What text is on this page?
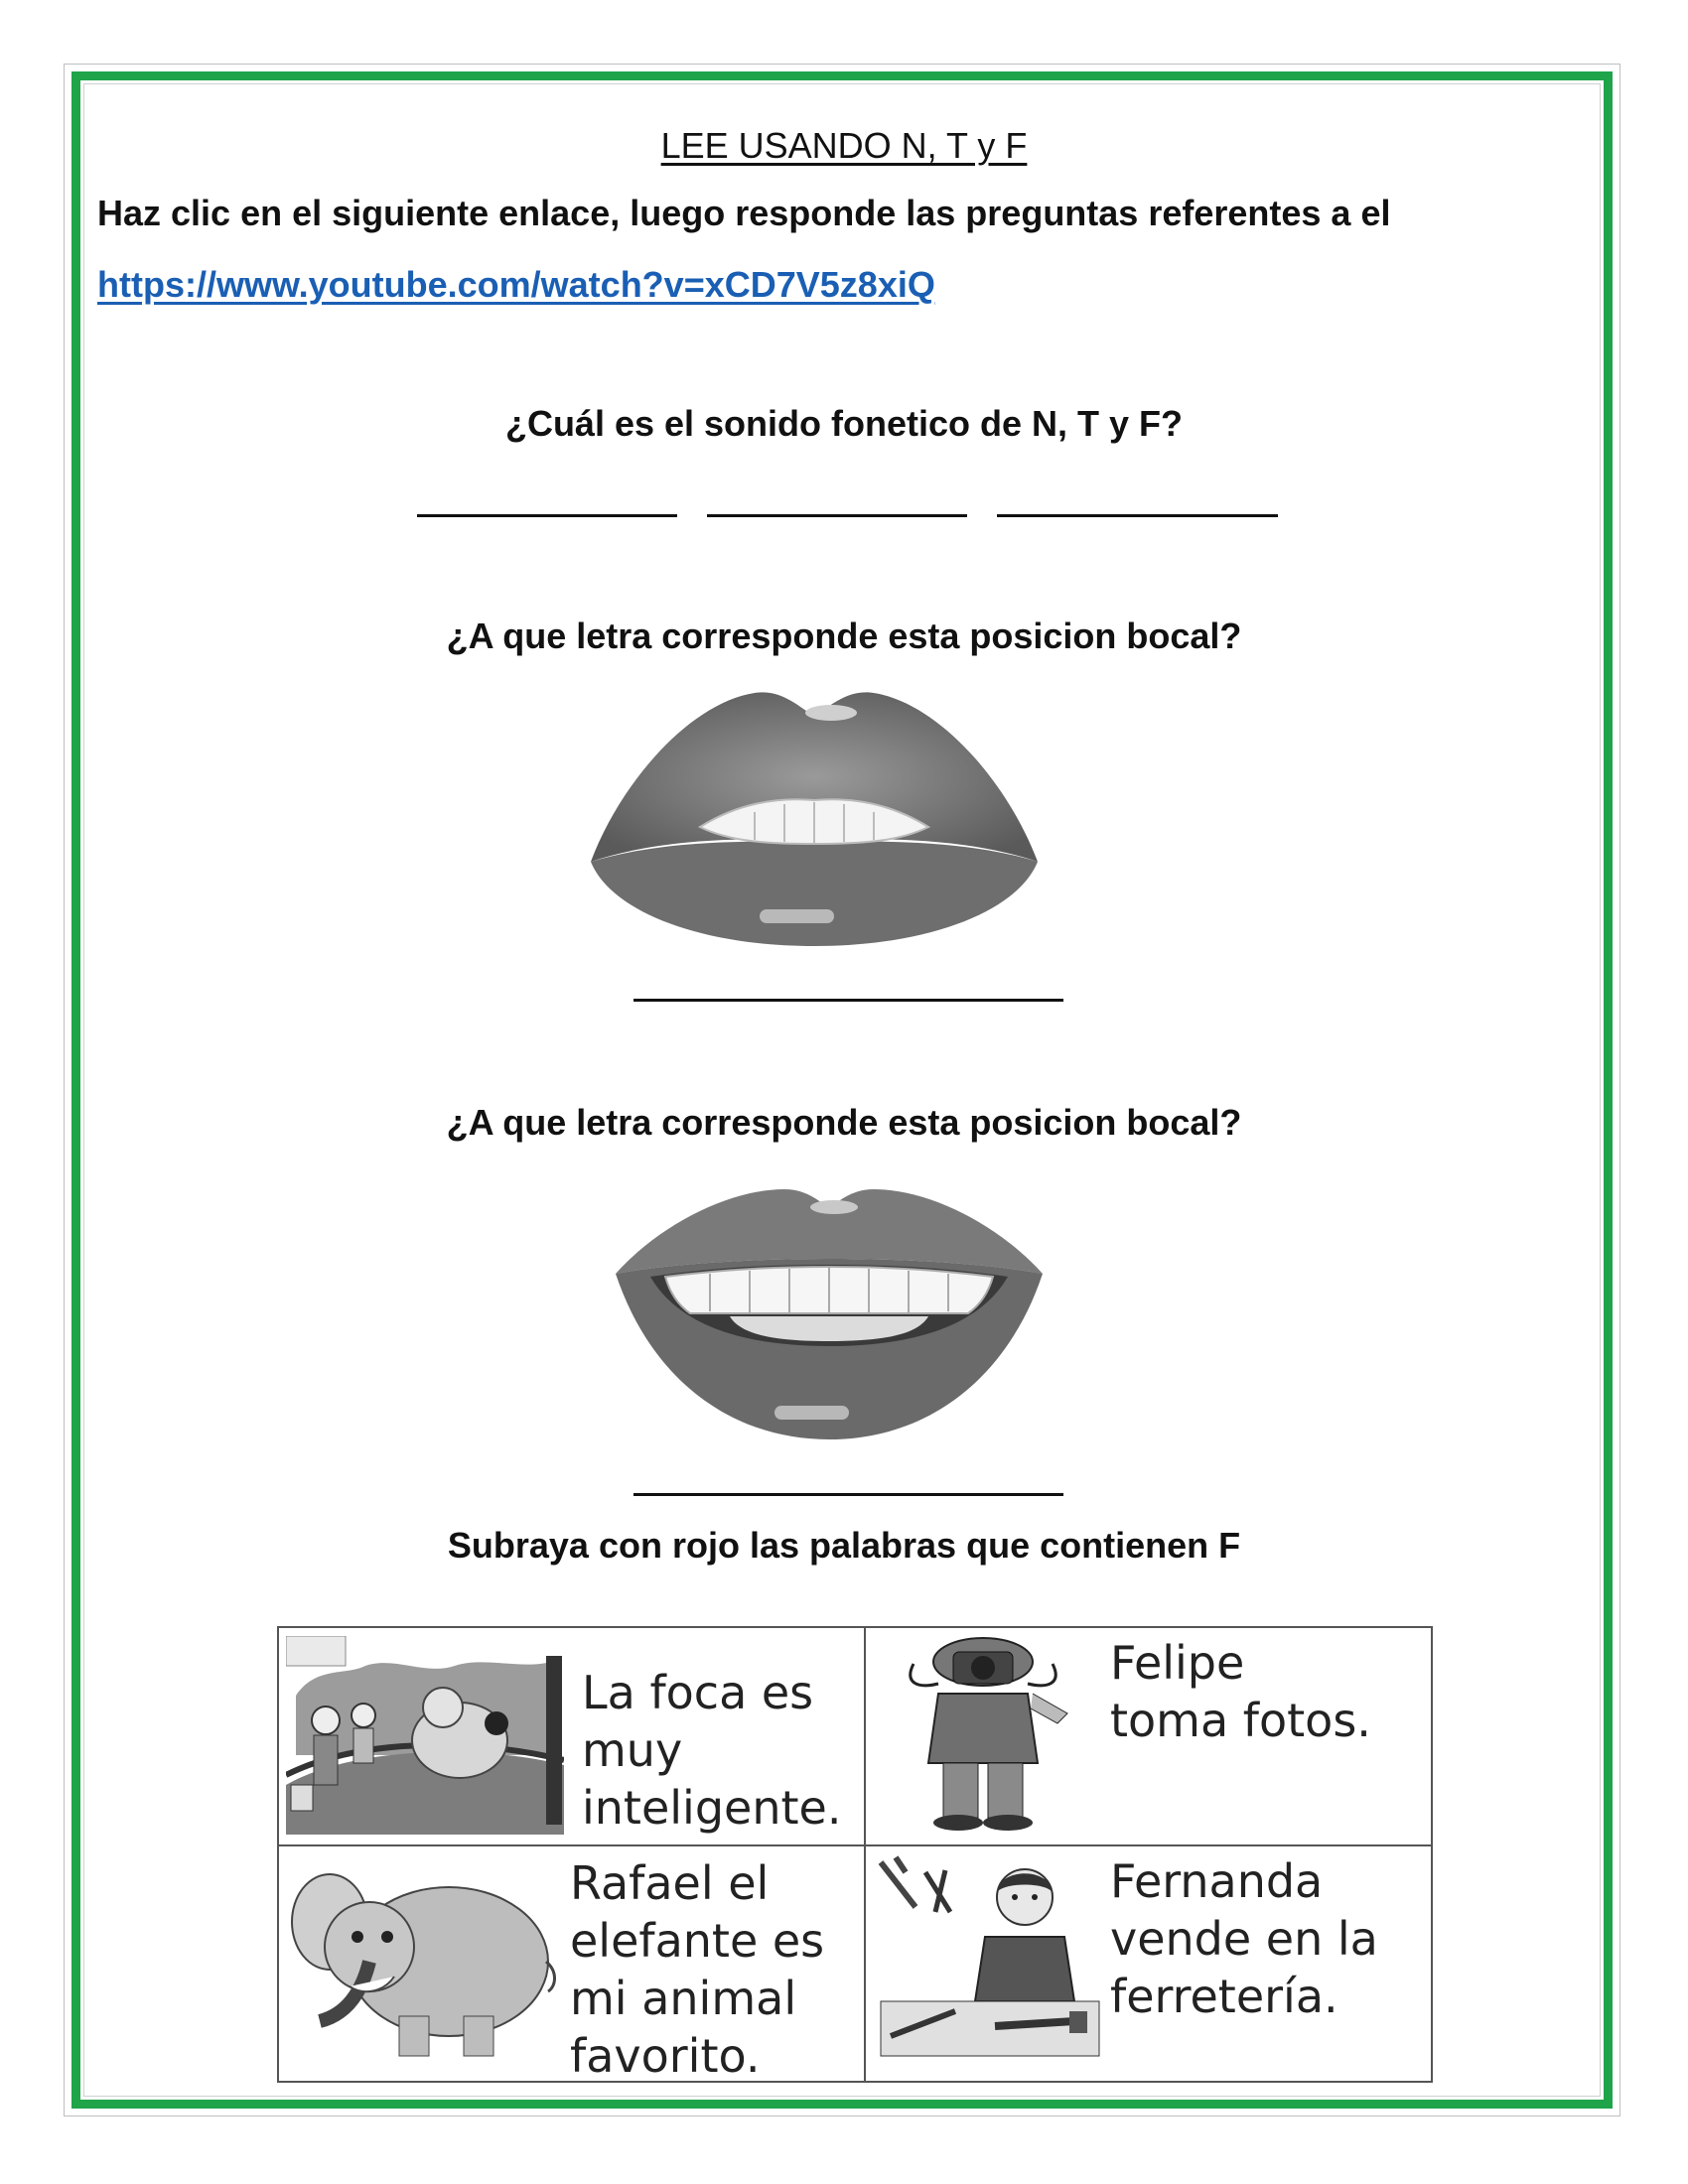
LEE USANDO N, T y F
Haz clic en el siguiente enlace, luego responde las preguntas referentes a el
https://www.youtube.com/watch?v=xCD7V5z8xiQ
¿Cuál es el sonido fonetico de N, T y F?
¿A que letra corresponde esta posicion bocal?
¿A que letra corresponde esta posicion bocal?
Subraya con rojo las palabras que contienen F
La foca es
muy
inteligente.
Felipe
toma fotos.
Rafael el
elefante es
mi animal
favorito.
Fernanda
vende en la
ferretería.
